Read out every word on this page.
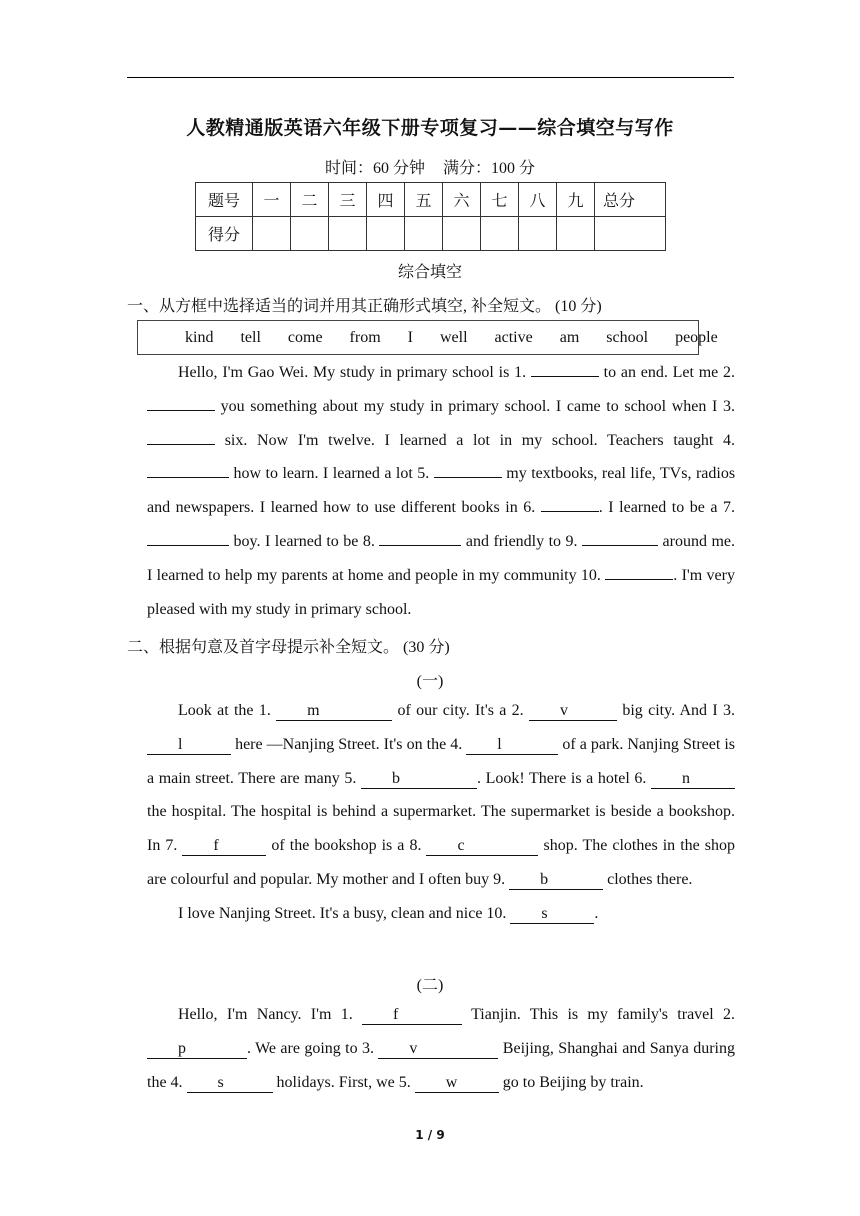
人教精通版英语六年级下册专项复习——综合填空与写作
时间：60 分钟 满分：100 分
题号	一	二	三	四	五	六	七	八	九	总分
得分										
综合填空
一、从方框中选择适当的词并用其正确形式填空, 补全短文。 (10 分)
kind tell come from I well active am school people

Hello, I'm Gao Wei. My study in primary school is 1.	to an end. Let me 2.  you something about my study in primary school. I came to school when I 3.  six. Now I'm twelve. I learned a lot in my school. Teachers taught 4.  how to learn. I learned a lot 5.	my textbooks, real life, TVs, radios and newspapers. I learned how to use different books in 6.	. I learned to be a 7.  boy. I learned to be 8.	and friendly to 9.	around me. I learned to help my parents at home and people in my community 10.	. I'm very pleased with my study in primary school.

二、根据句意及首字母提示补全短文。 (30 分)
(一)

Look at the 1. m	of our city. It's a 2. v	big city. And I 3. l	here —Nanjing Street. It's on the 4. l	of a park. Nanjing Street is a main street. There are many 5. b	. Look! There is a hotel 6. n the hospital. The hospital is behind a supermarket. The supermarket is beside a bookshop. In 7. f	of the bookshop is a 8. c	shop. The clothes in the shop are colourful and popular. My mother and I often buy 9. b	clothes there.

I love Nanjing Street. It's a busy, clean and nice 10. s	.

(二)

Hello, I'm Nancy. I'm 1.	f	Tianjin. This is my family's travel 2. p	. We are going to 3. v	Beijing, Shanghai and Sanya during the 4. s	holidays. First, we 5. w	go to Beijing by train.

1 / 9
